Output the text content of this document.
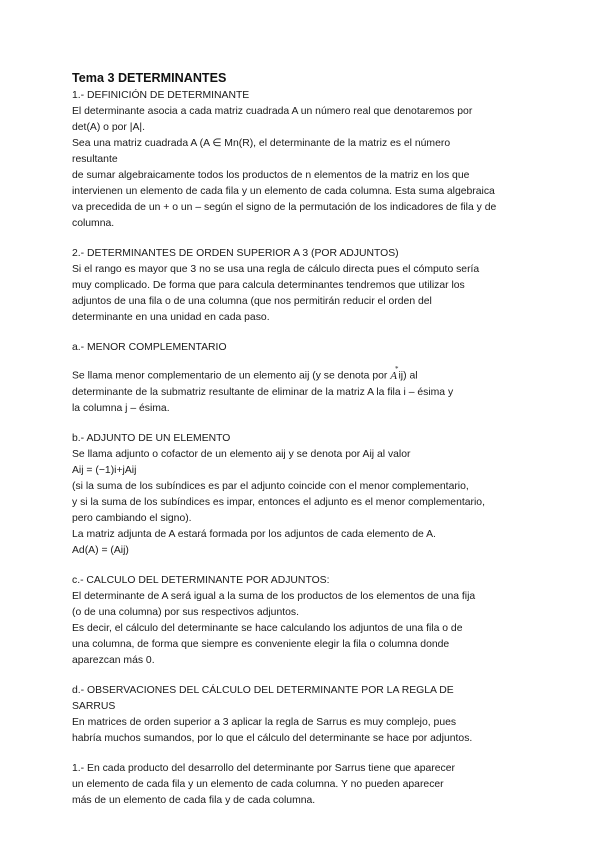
Tema 3 DETERMINANTES
1.- DEFINICIÓN DE DETERMINANTE
El determinante asocia a cada matriz cuadrada A un número real que denotaremos por
det(A) o por |A|.
Sea una matriz cuadrada A (A ∈ Mn(R), el determinante de la matriz es el número
resultante
de sumar algebraicamente todos los productos de n elementos de la matriz en los que
intervienen un elemento de cada fila y un elemento de cada columna. Esta suma algebraica
va precedida de un + o un – según el signo de la permutación de los indicadores de fila y de
columna.
2.- DETERMINANTES DE ORDEN SUPERIOR A 3 (POR ADJUNTOS)
Si el rango es mayor que 3 no se usa una regla de cálculo directa pues el cómputo sería
muy complicado. De forma que para calcula determinantes tendremos que utilizar los
adjuntos de una fila o de una columna (que nos permitirán reducir el orden del
determinante en una unidad en cada paso.
a.- MENOR COMPLEMENTARIO
Se llama menor complementario de un elemento aij (y se denota por A*ij) al
determinante de la submatriz resultante de eliminar de la matriz A la fila i – ésima y
la columna j – ésima.
b.- ADJUNTO DE UN ELEMENTO
Se llama adjunto o cofactor de un elemento aij y se denota por Aij al valor
Aij = (−1)i+jAij
(si la suma de los subíndices es par el adjunto coincide con el menor complementario,
y si la suma de los subíndices es impar, entonces el adjunto es el menor complementario,
pero cambiando el signo).
La matriz adjunta de A estará formada por los adjuntos de cada elemento de A.
Ad(A) = (Aij)
c.- CALCULO DEL DETERMINANTE POR ADJUNTOS:
El determinante de A será igual a la suma de los productos de los elementos de una fija
(o de una columna) por sus respectivos adjuntos.
Es decir, el cálculo del determinante se hace calculando los adjuntos de una fila o de
una columna, de forma que siempre es conveniente elegir la fila o columna donde
aparezcan más 0.
d.- OBSERVACIONES DEL CÁLCULO DEL DETERMINANTE POR LA REGLA DE
SARRUS
En matrices de orden superior a 3 aplicar la regla de Sarrus es muy complejo, pues
habría muchos sumandos, por lo que el cálculo del determinante se hace por adjuntos.
1.- En cada producto del desarrollo del determinante por Sarrus tiene que aparecer
un elemento de cada fila y un elemento de cada columna. Y no pueden aparecer
más de un elemento de cada fila y de cada columna.
